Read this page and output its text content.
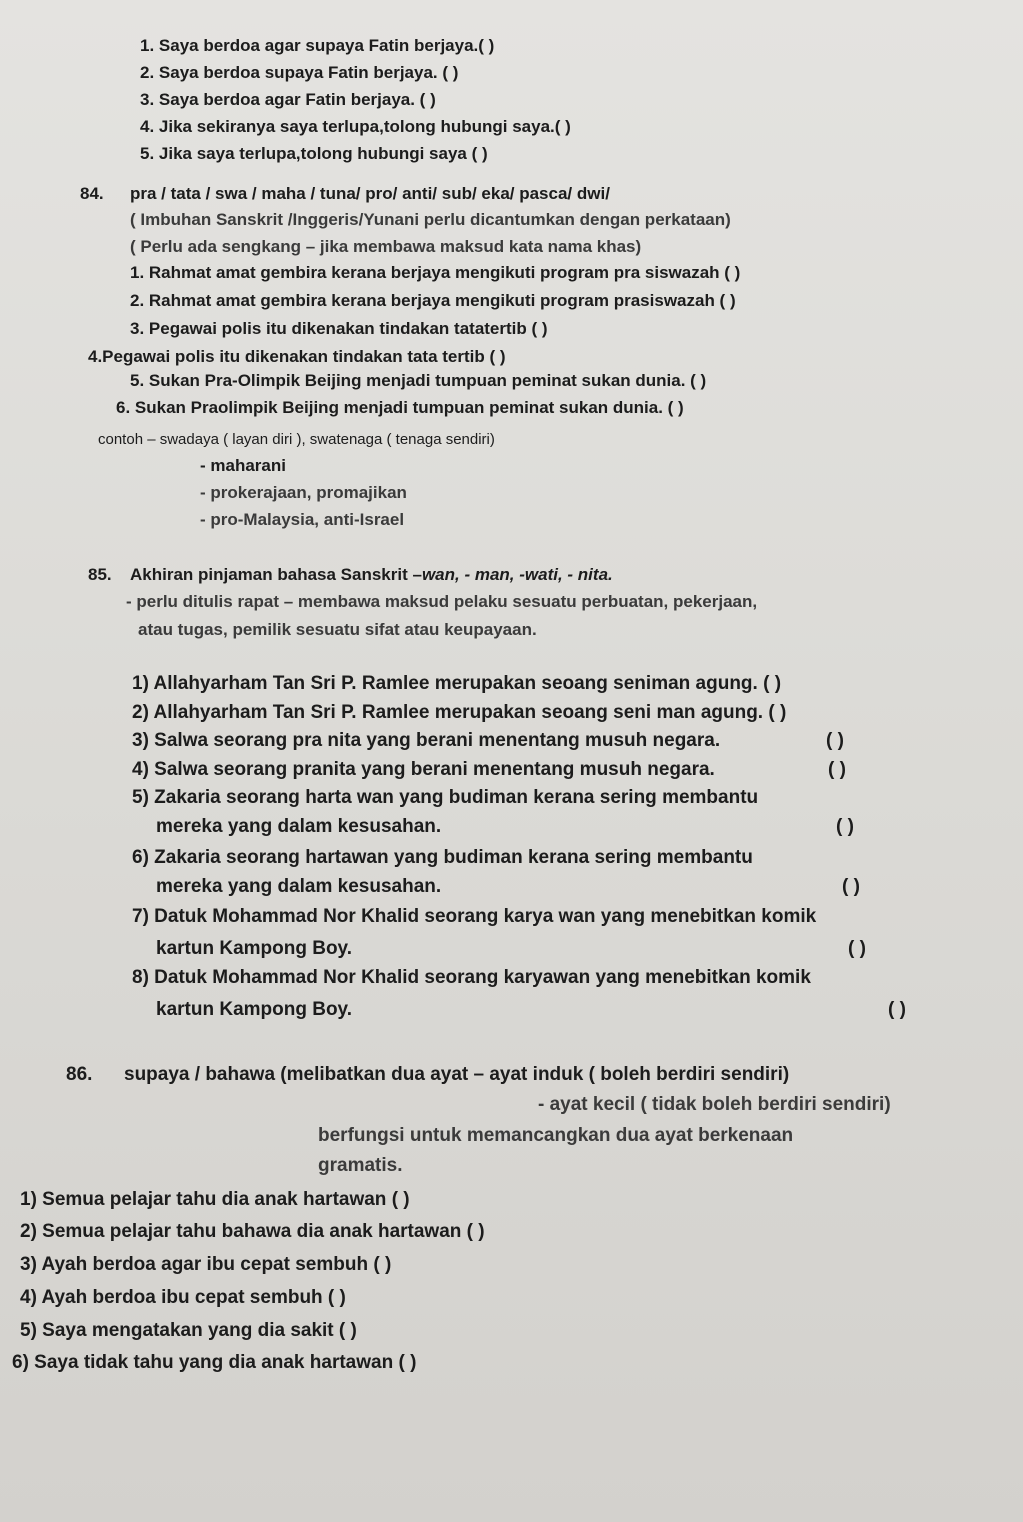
1. Saya berdoa agar supaya Fatin berjaya.( )
2. Saya berdoa supaya Fatin berjaya. ( )
3. Saya berdoa agar Fatin berjaya. ( )
4. Jika sekiranya saya terlupa,tolong hubungi saya.( )
5. Jika saya terlupa,tolong hubungi saya ( )
84. pra / tata / swa / maha / tuna/ pro/ anti/ sub/ eka/ pasca/ dwi/
( Imbuhan Sanskrit /Inggeris/Yunani perlu dicantumkan dengan perkataan)
( Perlu ada sengkang – jika membawa maksud kata nama khas)
1. Rahmat amat gembira kerana berjaya mengikuti program pra siswazah ( )
2. Rahmat amat gembira kerana berjaya mengikuti program prasiswazah ( )
3. Pegawai polis itu dikenakan tindakan tatatertib ( )
4.Pegawai polis itu dikenakan tindakan tata tertib ( )
5. Sukan Pra-Olimpik Beijing menjadi tumpuan peminat sukan dunia. ( )
6. Sukan Praolimpik Beijing menjadi tumpuan peminat sukan dunia. ( )
contoh – swadaya ( layan diri ), swatenaga ( tenaga sendiri)
- maharani
- prokerajaan, promajikan
- pro-Malaysia, anti-Israel
85. Akhiran pinjaman bahasa Sanskrit –wan, - man, -wati, - nita.
- perlu ditulis rapat – membawa maksud pelaku sesuatu perbuatan, pekerjaan,
atau tugas, pemilik sesuatu sifat atau keupayaan.
1) Allahyarham Tan Sri P. Ramlee merupakan seoang seniman agung. ( )
2) Allahyarham Tan Sri P. Ramlee merupakan seoang seni man agung. ( )
3) Salwa seorang pra nita yang berani menentang musuh negara.	( )
4) Salwa seorang pranita yang berani menentang musuh negara.	( )
5) Zakaria seorang harta wan yang budiman kerana sering membantu
mereka yang dalam kesusahan.	( )
6) Zakaria seorang hartawan yang budiman kerana sering membantu
mereka yang dalam kesusahan.	( )
7) Datuk Mohammad Nor Khalid seorang karya wan yang menebitkan komik
kartun Kampong Boy.	( )
8) Datuk Mohammad Nor Khalid seorang karyawan yang menebitkan komik
kartun Kampong Boy.	( )
86. supaya / bahawa (melibatkan dua ayat – ayat induk ( boleh berdiri sendiri)
- ayat kecil ( tidak boleh berdiri sendiri)
berfungsi untuk memancangkan dua ayat berkenaan
gramatis.
1) Semua pelajar tahu dia anak hartawan ( )
2) Semua pelajar tahu bahawa dia anak hartawan ( )
3) Ayah berdoa agar ibu cepat sembuh ( )
4) Ayah berdoa ibu cepat sembuh ( )
5) Saya mengatakan yang dia sakit ( )
6) Saya tidak tahu yang dia anak hartawan ( )
